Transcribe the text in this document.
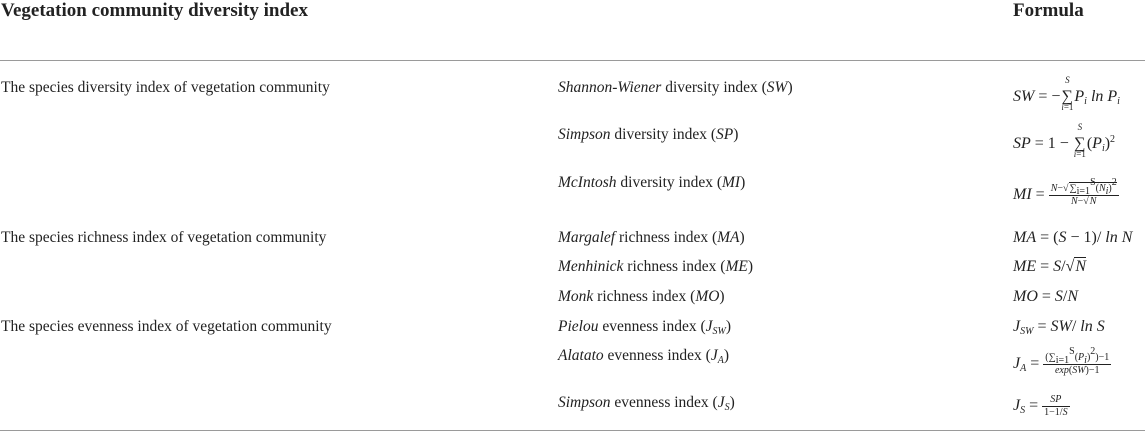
Vegetation community diversity index	Formula
The species diversity index of vegetation community
The species richness index of vegetation community
The species evenness index of vegetation community
Shannon-Wiener diversity index (SW)
Simpson diversity index (SP)
McIntosh diversity index (MI)
Margalef richness index (MA)
Menhinick richness index (ME)
Monk richness index (MO)
Pielou evenness index $(J_{SW})$
Alatato evenness index $(J_A)$
Simpson evenness index $(J_S)$
SW = −∑
S
i=1
$P_i$ $\ln P_i$
SP = 1 − ∑
S
i=1
$(P_i)^2$
MI = $\frac{N-√\sum_{i=1}^S(N_i)^2}{N-√N}$
MA = (S − 1)/ ln N
ME = S/√N
MO = S/N
$J_{SW} = SW/$ ln S
$J_A = \frac{(\sum_{i=1}^S(P_i)^2)-1}{\exp(SW)-1}$
$J_S = \frac{SP}{1-1/S}$
